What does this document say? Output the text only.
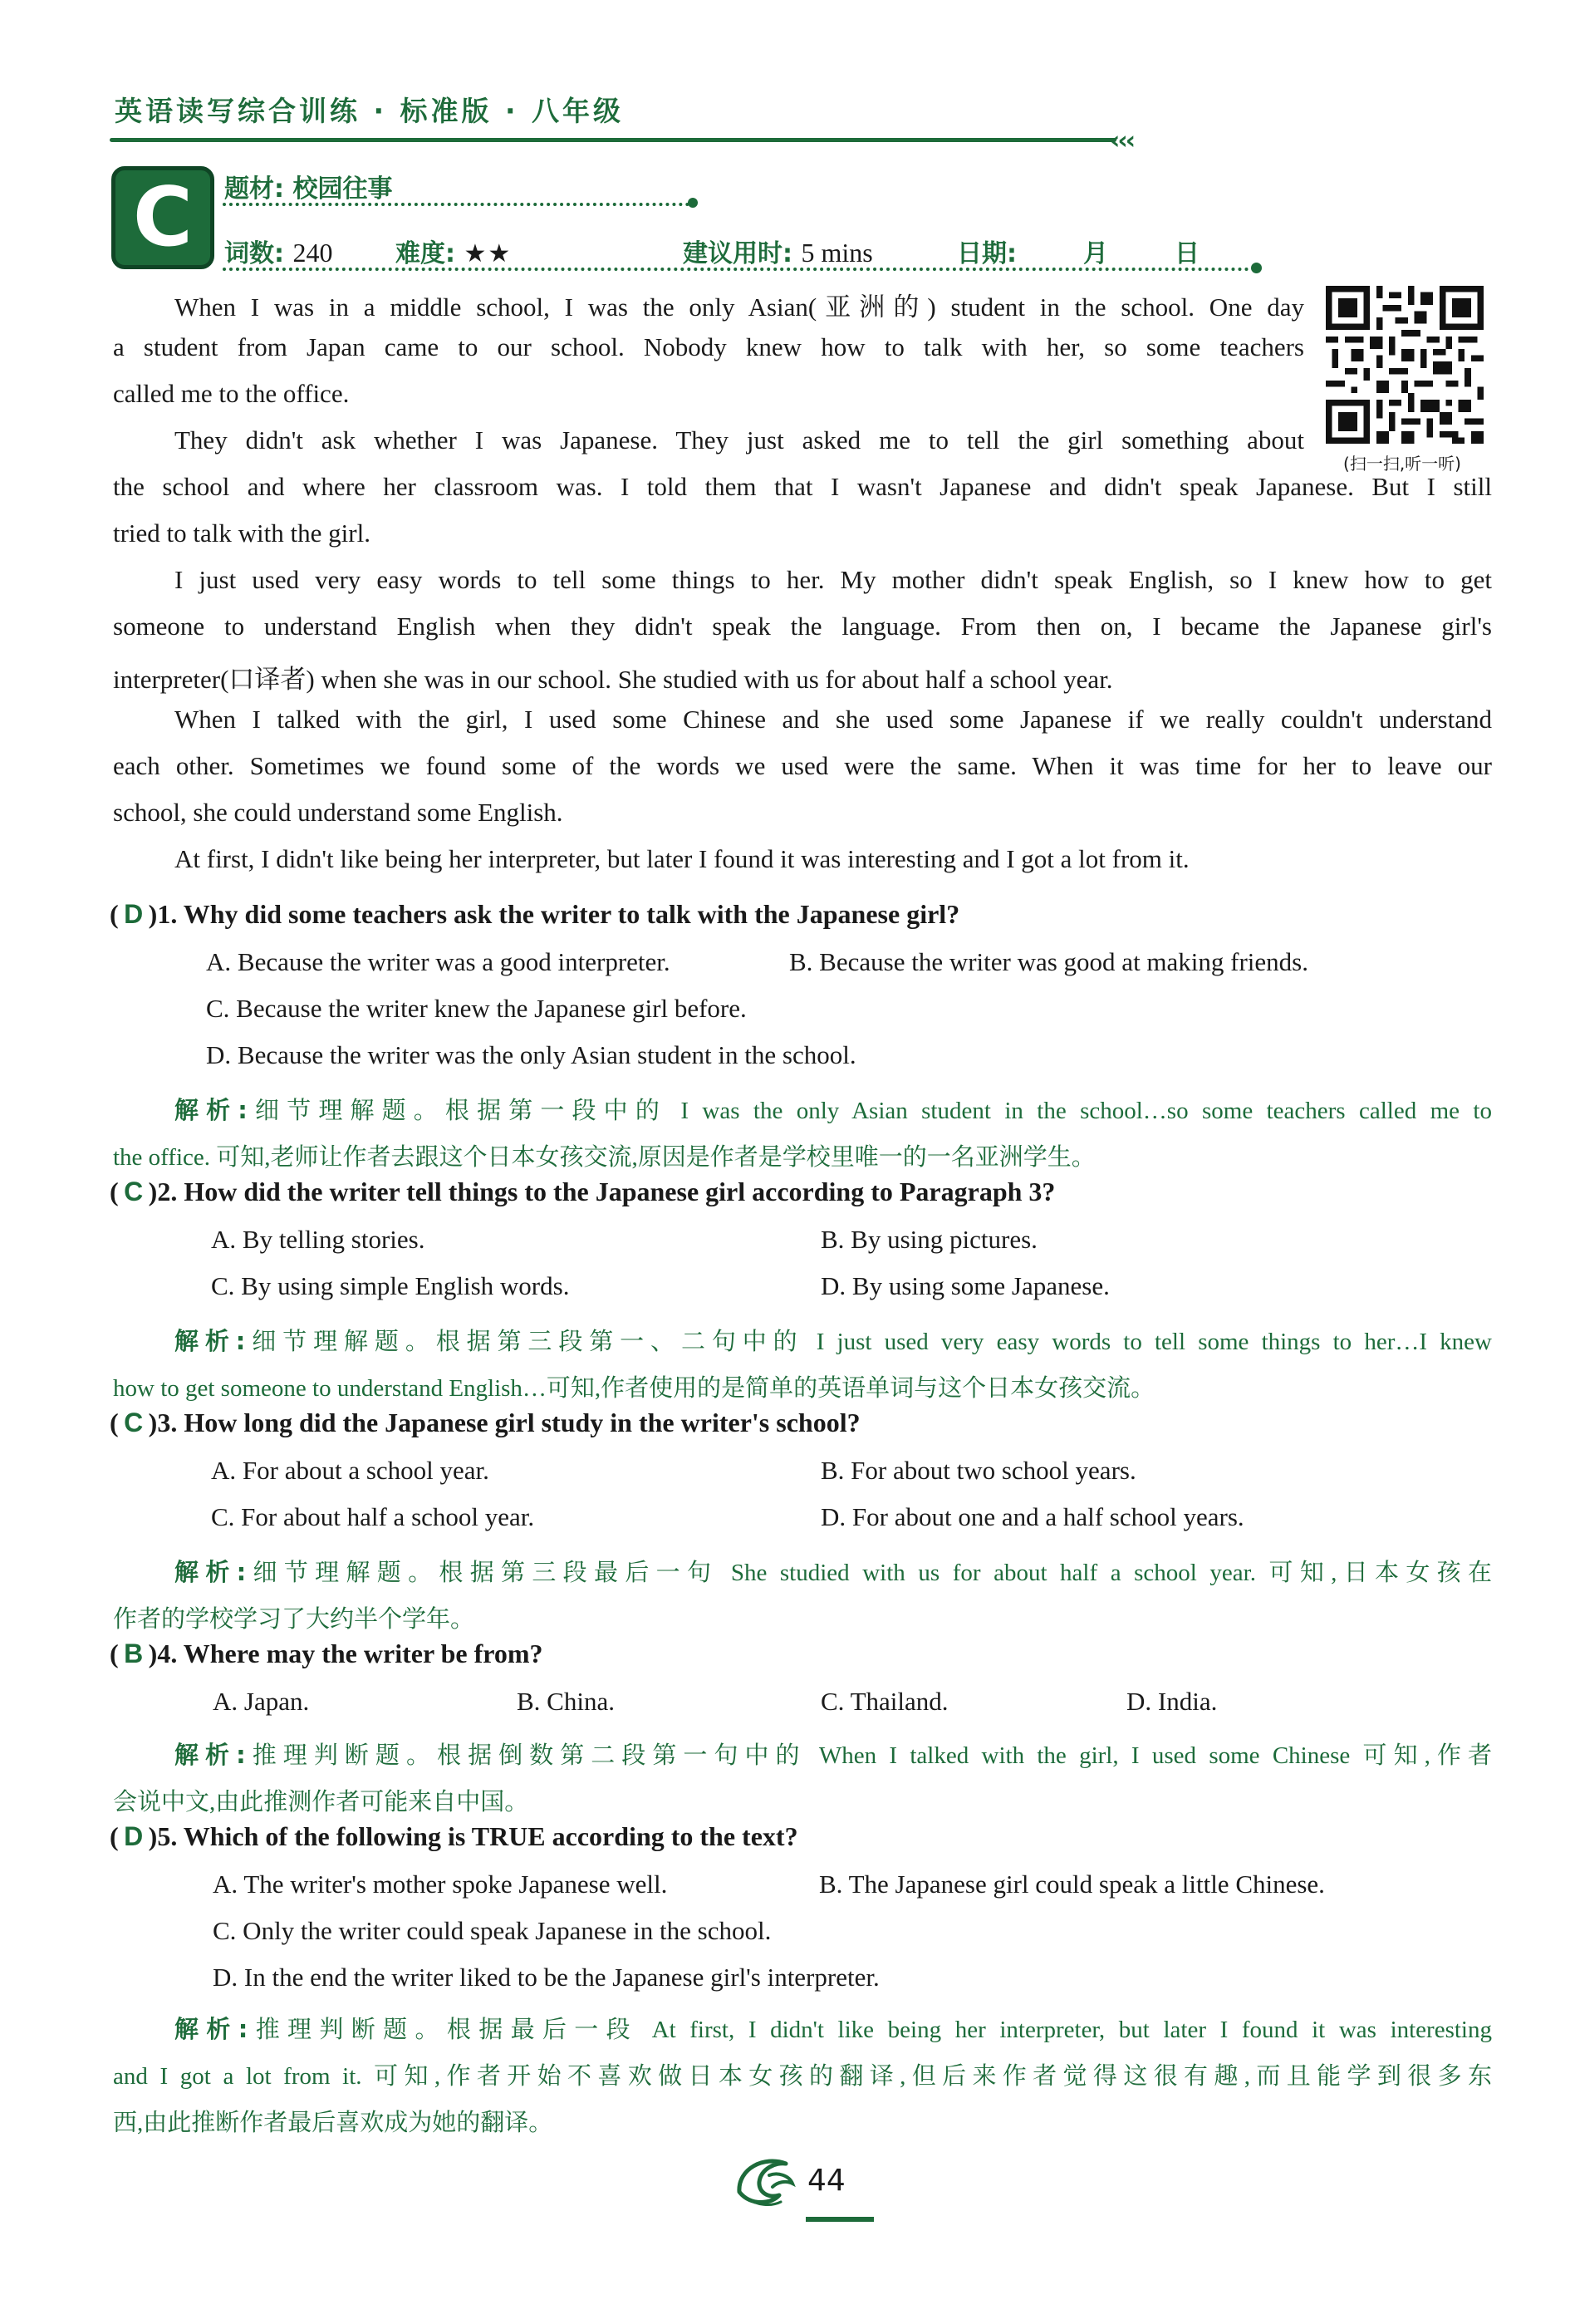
英语读写综合训练 · 标准版 · 八年级
‹‹‹
C	题材: 校园往事
词数: 240	难度: ★★	建议用时: 5 mins	日期:	月	日
(扫一扫,听一听)
When I was in a middle school, I was the only Asian(亚洲的) student in the school. One day
a student from Japan came to our school. Nobody knew how to talk with her, so some teachers
called me to the office.
They didn't ask whether I was Japanese. They just asked me to tell the girl something about
the school and where her classroom was. I told them that I wasn't Japanese and didn't speak Japanese. But I still
tried to talk with the girl.
I just used very easy words to tell some things to her. My mother didn't speak English, so I knew how to get
someone to understand English when they didn't speak the language. From then on, I became the Japanese girl's
interpreter(口译者) when she was in our school. She studied with us for about half a school year.
When I talked with the girl, I used some Chinese and she used some Japanese if we really couldn't understand
each other. Sometimes we found some of the words we used were the same. When it was time for her to leave our
school, she could understand some English.
At first, I didn't like being her interpreter, but later I found it was interesting and I got a lot from it.
( D )1. Why did some teachers ask the writer to talk with the Japanese girl?
A. Because the writer was a good interpreter.	B. Because the writer was good at making friends.
C. Because the writer knew the Japanese girl before.
D. Because the writer was the only Asian student in the school.
解析:细节理解题。根据第一段中的 I was the only Asian student in the school…so some teachers called me to
the office. 可知,老师让作者去跟这个日本女孩交流,原因是作者是学校里唯一的一名亚洲学生。
( C )2. How did the writer tell things to the Japanese girl according to Paragraph 3?
A. By telling stories.	B. By using pictures.
C. By using simple English words.	D. By using some Japanese.
解析:细节理解题。根据第三段第一、二句中的 I just used very easy words to tell some things to her…I knew
how to get someone to understand English…可知,作者使用的是简单的英语单词与这个日本女孩交流。
( C )3. How long did the Japanese girl study in the writer's school?
A. For about a school year.	B. For about two school years.
C. For about half a school year.	D. For about one and a half school years.
解析:细节理解题。根据第三段最后一句 She studied with us for about half a school year. 可知,日本女孩在
作者的学校学习了大约半个学年。
( B )4. Where may the writer be from?
A. Japan.	B. China.	C. Thailand.	D. India.
解析:推理判断题。根据倒数第二段第一句中的 When I talked with the girl, I used some Chinese 可知,作者
会说中文,由此推测作者可能来自中国。
( D )5. Which of the following is TRUE according to the text?
A. The writer's mother spoke Japanese well.	B. The Japanese girl could speak a little Chinese.
C. Only the writer could speak Japanese in the school.
D. In the end the writer liked to be the Japanese girl's interpreter.
解析:推理判断题。根据最后一段 At first, I didn't like being her interpreter, but later I found it was interesting
and I got a lot from it. 可知,作者开始不喜欢做日本女孩的翻译,但后来作者觉得这很有趣,而且能学到很多东
西,由此推断作者最后喜欢成为她的翻译。
44
